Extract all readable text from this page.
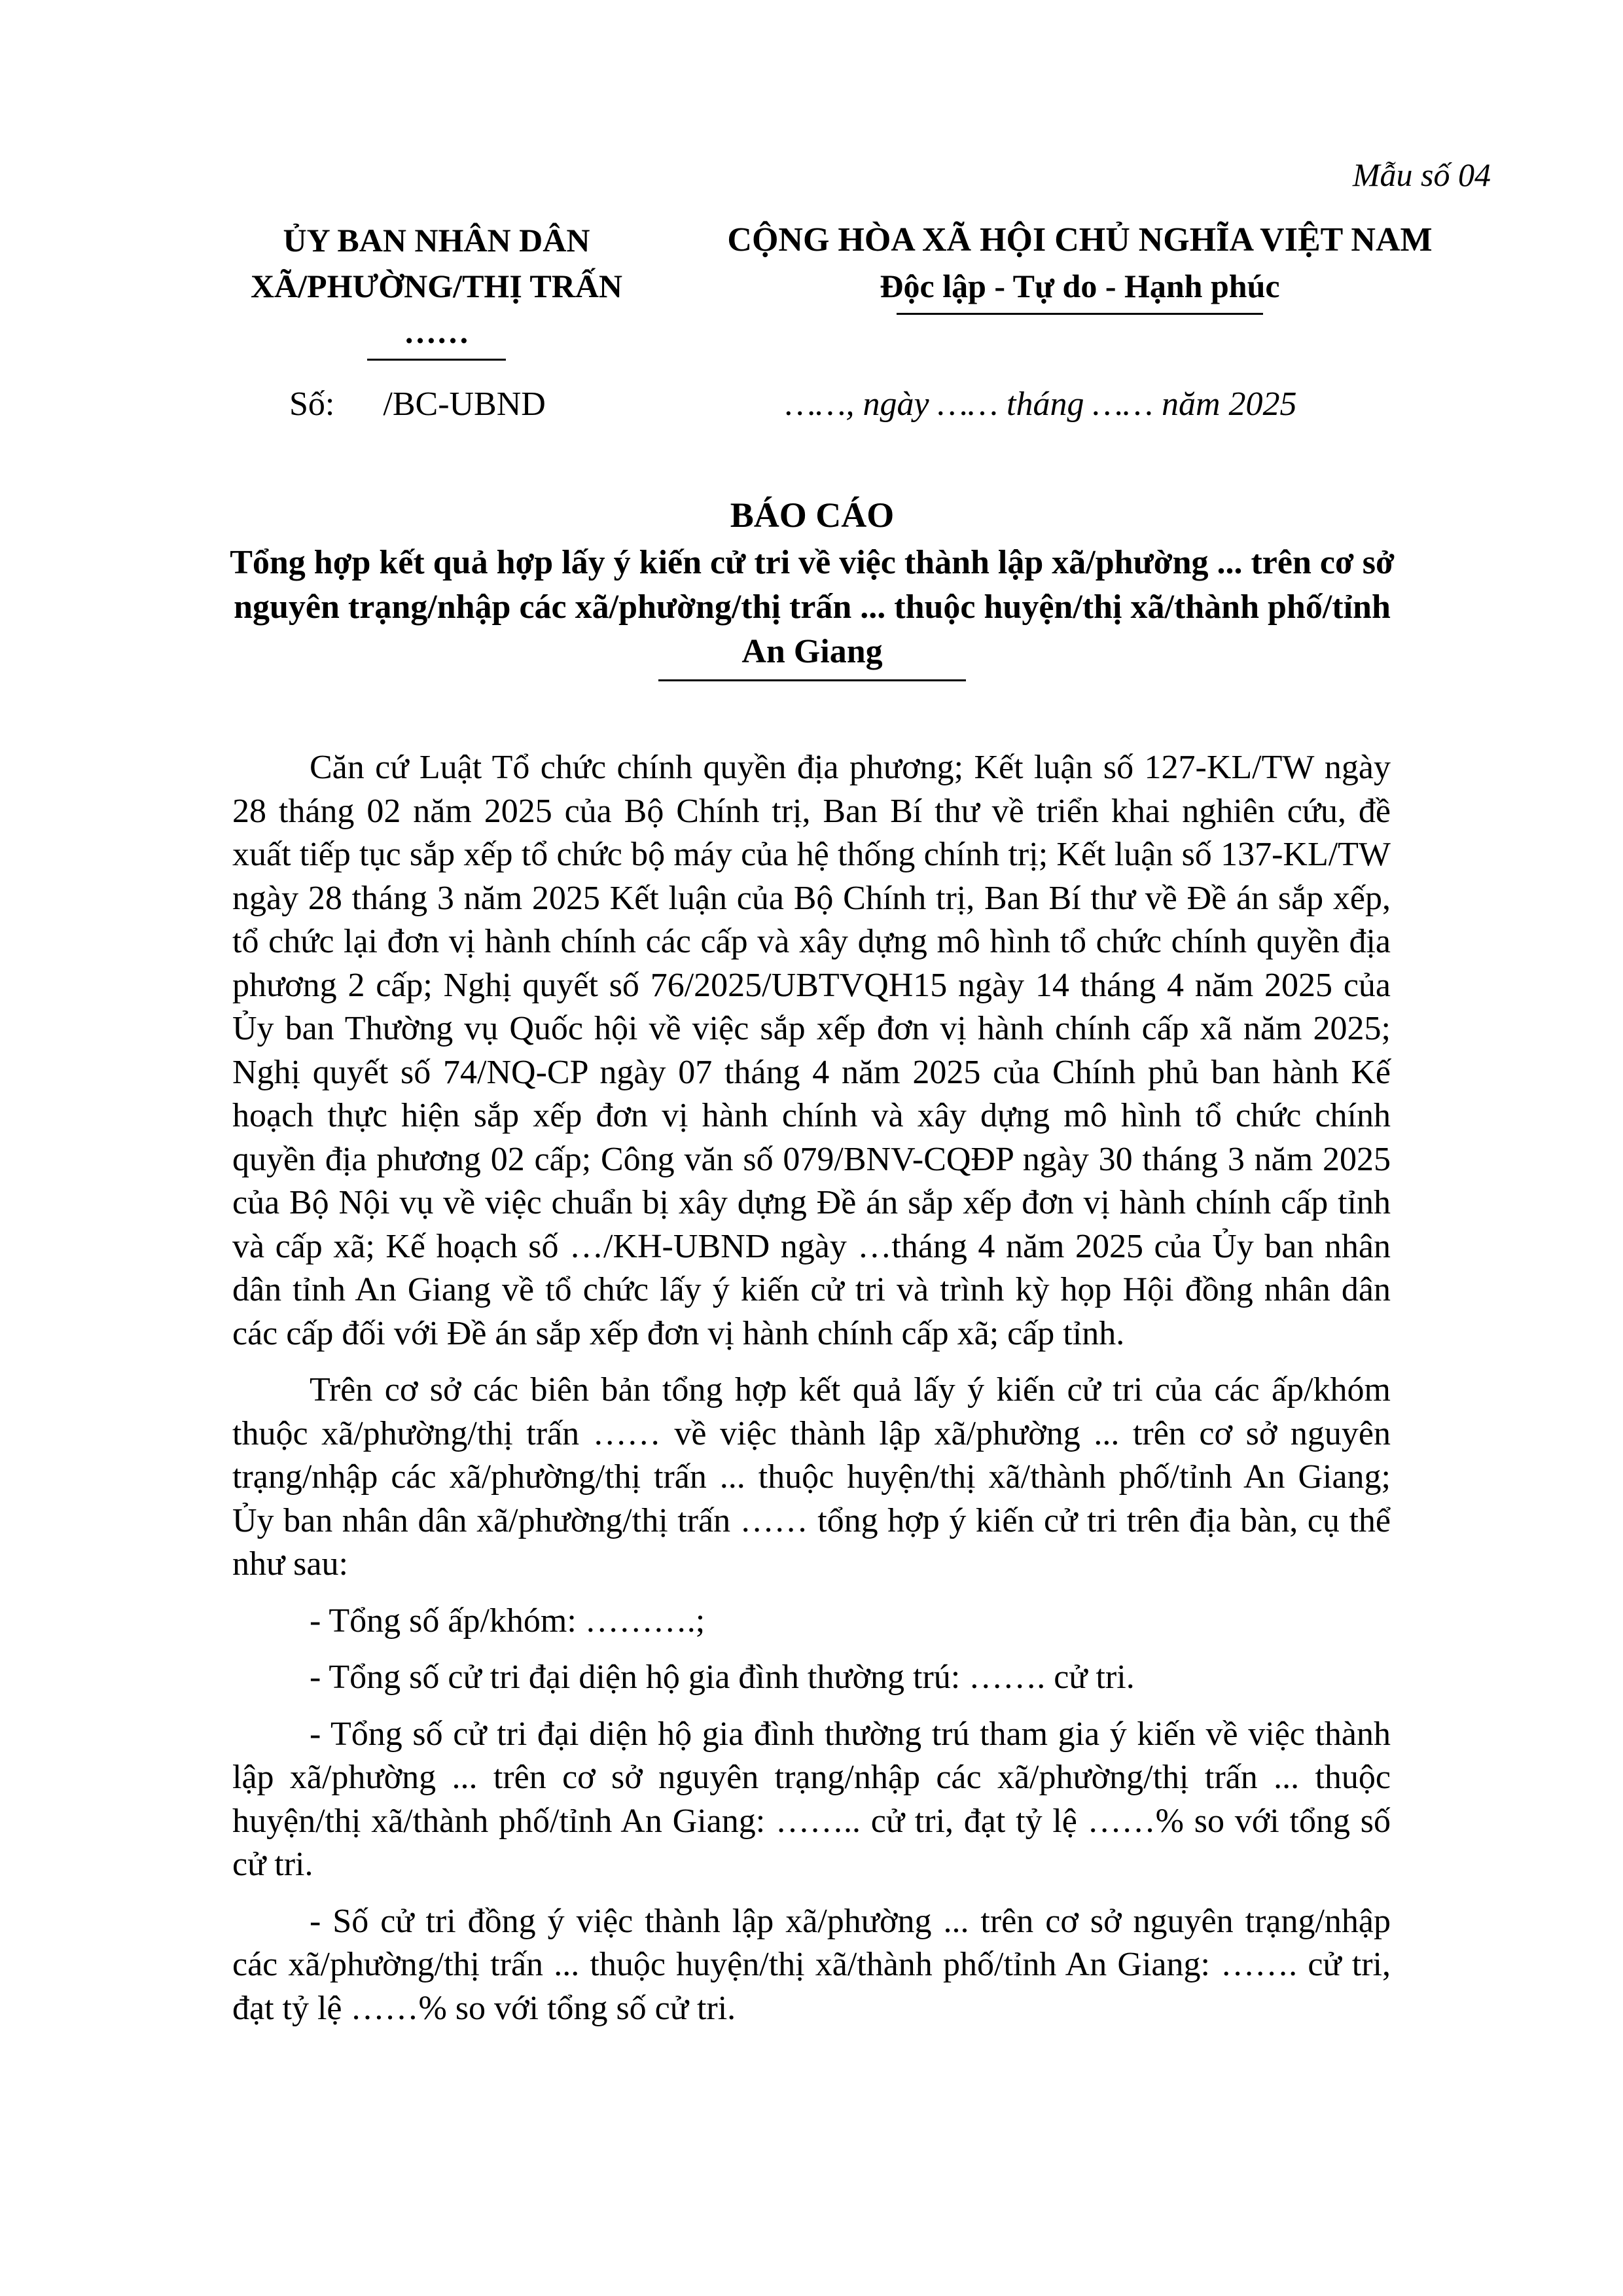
Mẫu số 04
ỦY BAN NHÂN DÂN
XÃ/PHƯỜNG/THỊ TRẤN
……
CỘNG HÒA XÃ HỘI CHỦ NGHĨA VIỆT NAM
Độc lập - Tự do - Hạnh phúc
Số: /BC-UBND	……, ngày …… tháng …… năm 2025
BÁO CÁO
Tổng hợp kết quả hợp lấy ý kiến cử tri về việc thành lập xã/phường ... trên cơ sở nguyên trạng/nhập các xã/phường/thị trấn ... thuộc huyện/thị xã/thành phố/tỉnh An Giang

Căn cứ Luật Tổ chức chính quyền địa phương; Kết luận số 127-KL/TW ngày 28 tháng 02 năm 2025 của Bộ Chính trị, Ban Bí thư về triển khai nghiên cứu, đề xuất tiếp tục sắp xếp tổ chức bộ máy của hệ thống chính trị; Kết luận số 137-KL/TW ngày 28 tháng 3 năm 2025 Kết luận của Bộ Chính trị, Ban Bí thư về Đề án sắp xếp, tổ chức lại đơn vị hành chính các cấp và xây dựng mô hình tổ chức chính quyền địa phương 2 cấp; Nghị quyết số 76/2025/UBTVQH15 ngày 14 tháng 4 năm 2025 của Ủy ban Thường vụ Quốc hội về việc sắp xếp đơn vị hành chính cấp xã năm 2025; Nghị quyết số 74/NQ-CP ngày 07 tháng 4 năm 2025 của Chính phủ ban hành Kế hoạch thực hiện sắp xếp đơn vị hành chính và xây dựng mô hình tổ chức chính quyền địa phương 02 cấp; Công văn số 079/BNV-CQĐP ngày 30 tháng 3 năm 2025 của Bộ Nội vụ về việc chuẩn bị xây dựng Đề án sắp xếp đơn vị hành chính cấp tỉnh và cấp xã; Kế hoạch số …/KH-UBND ngày …tháng 4 năm 2025 của Ủy ban nhân dân tỉnh An Giang về tổ chức lấy ý kiến cử tri và trình kỳ họp Hội đồng nhân dân các cấp đối với Đề án sắp xếp đơn vị hành chính cấp xã; cấp tỉnh.

Trên cơ sở các biên bản tổng hợp kết quả lấy ý kiến cử tri của các ấp/khóm thuộc xã/phường/thị trấn …… về việc thành lập xã/phường ... trên cơ sở nguyên trạng/nhập các xã/phường/thị trấn ... thuộc huyện/thị xã/thành phố/tỉnh An Giang; Ủy ban nhân dân xã/phường/thị trấn …… tổng hợp ý kiến cử tri trên địa bàn, cụ thể như sau:

- Tổng số ấp/khóm: ……….;

- Tổng số cử tri đại diện hộ gia đình thường trú: ……. cử tri.

- Tổng số cử tri đại diện hộ gia đình thường trú tham gia ý kiến về việc thành lập xã/phường ... trên cơ sở nguyên trạng/nhập các xã/phường/thị trấn ... thuộc huyện/thị xã/thành phố/tỉnh An Giang: …….. cử tri, đạt tỷ lệ ……% so với tổng số cử tri.

- Số cử tri đồng ý việc thành lập xã/phường ... trên cơ sở nguyên trạng/nhập các xã/phường/thị trấn ... thuộc huyện/thị xã/thành phố/tỉnh An Giang: ……. cử tri, đạt tỷ lệ ……% so với tổng số cử tri.
